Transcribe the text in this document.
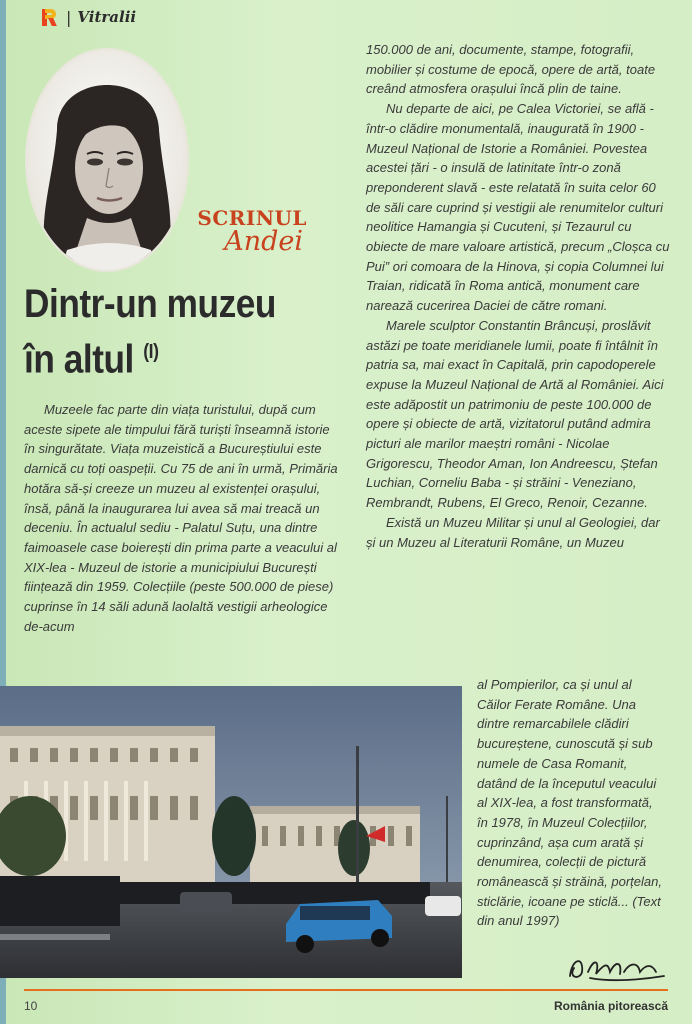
| Vitralii
SCRINUL
Andei
Dintr-un muzeu
în altul $^{(I)}$

Muzeele fac parte din viața turistului, după cum aceste sipete ale timpului fără turiști înseamnă istorie în singurătate. Viața muzeistică a Bucureștiului este darnică cu toți oaspeții. Cu 75 de ani în urmă, Primăria hotăra să-și creeze un muzeu al existenței orașului, însă, până la inaugurarea lui avea să mai treacă un deceniu. În actualul sediu - Palatul Suțu, una dintre faimoasele case boierești din prima parte a veacului al XIX-lea - Muzeul de istorie a municipiului București ființează din 1959. Colecțiile (peste 500.000 de piese) cuprinse în 14 săli adună laolaltă vestigii arheologice de-acum

150.000 de ani, documente, stampe, fotografii, mobilier și costume de epocă, opere de artă, toate creând atmosfera orașului încă plin de taine.

Nu departe de aici, pe Calea Victoriei, se află - într-o clădire monumentală, inaugurată în 1900 - Muzeul Național de Istorie a României. Povestea acestei țări - o insulă de latinitate într-o zonă preponderent slavă - este relatată în suita celor 60 de săli care cuprind și vestigii ale renumitelor culturi neolitice Hamangia și Cucuteni, și Tezaurul cu obiecte de mare valoare artistică, precum „Cloșca cu Pui” ori comoara de la Hinova, și copia Columnei lui Traian, ridicată în Roma antică, monument care narează cucerirea Daciei de către romani.

Marele sculptor Constantin Brâncuși, proslăvit astăzi pe toate meridianele lumii, poate fi întâlnit în patria sa, mai exact în Capitală, prin capodoperele expuse la Muzeul Național de Artă al României. Aici este adăpostit un patrimoniu de peste 100.000 de opere și obiecte de artă, vizitatorul putând admira picturi ale marilor maeștri români - Nicolae Grigorescu, Theodor Aman, Ion Andreescu, Ștefan Luchian, Corneliu Baba - și străini - Veneziano, Rembrandt, Rubens, El Greco, Renoir, Cezanne.

Există un Muzeu Militar și unul al Geologiei, dar și un Muzeu al Literaturii Române, un Muzeu

al Pompierilor, ca și unul al Căilor Ferate Române. Una dintre remarcabilele clădiri bucureștene, cunoscută și sub numele de Casa Romanit, datând de la începutul veacului al XIX-lea, a fost transformată, în 1978, în Muzeul Colecțiilor, cuprinzând, așa cum arată și denumirea, colecții de pictură românească și străină, porțelan, sticlărie, icoane pe sticlă... (Text din anul 1997)

10	România pitorească
